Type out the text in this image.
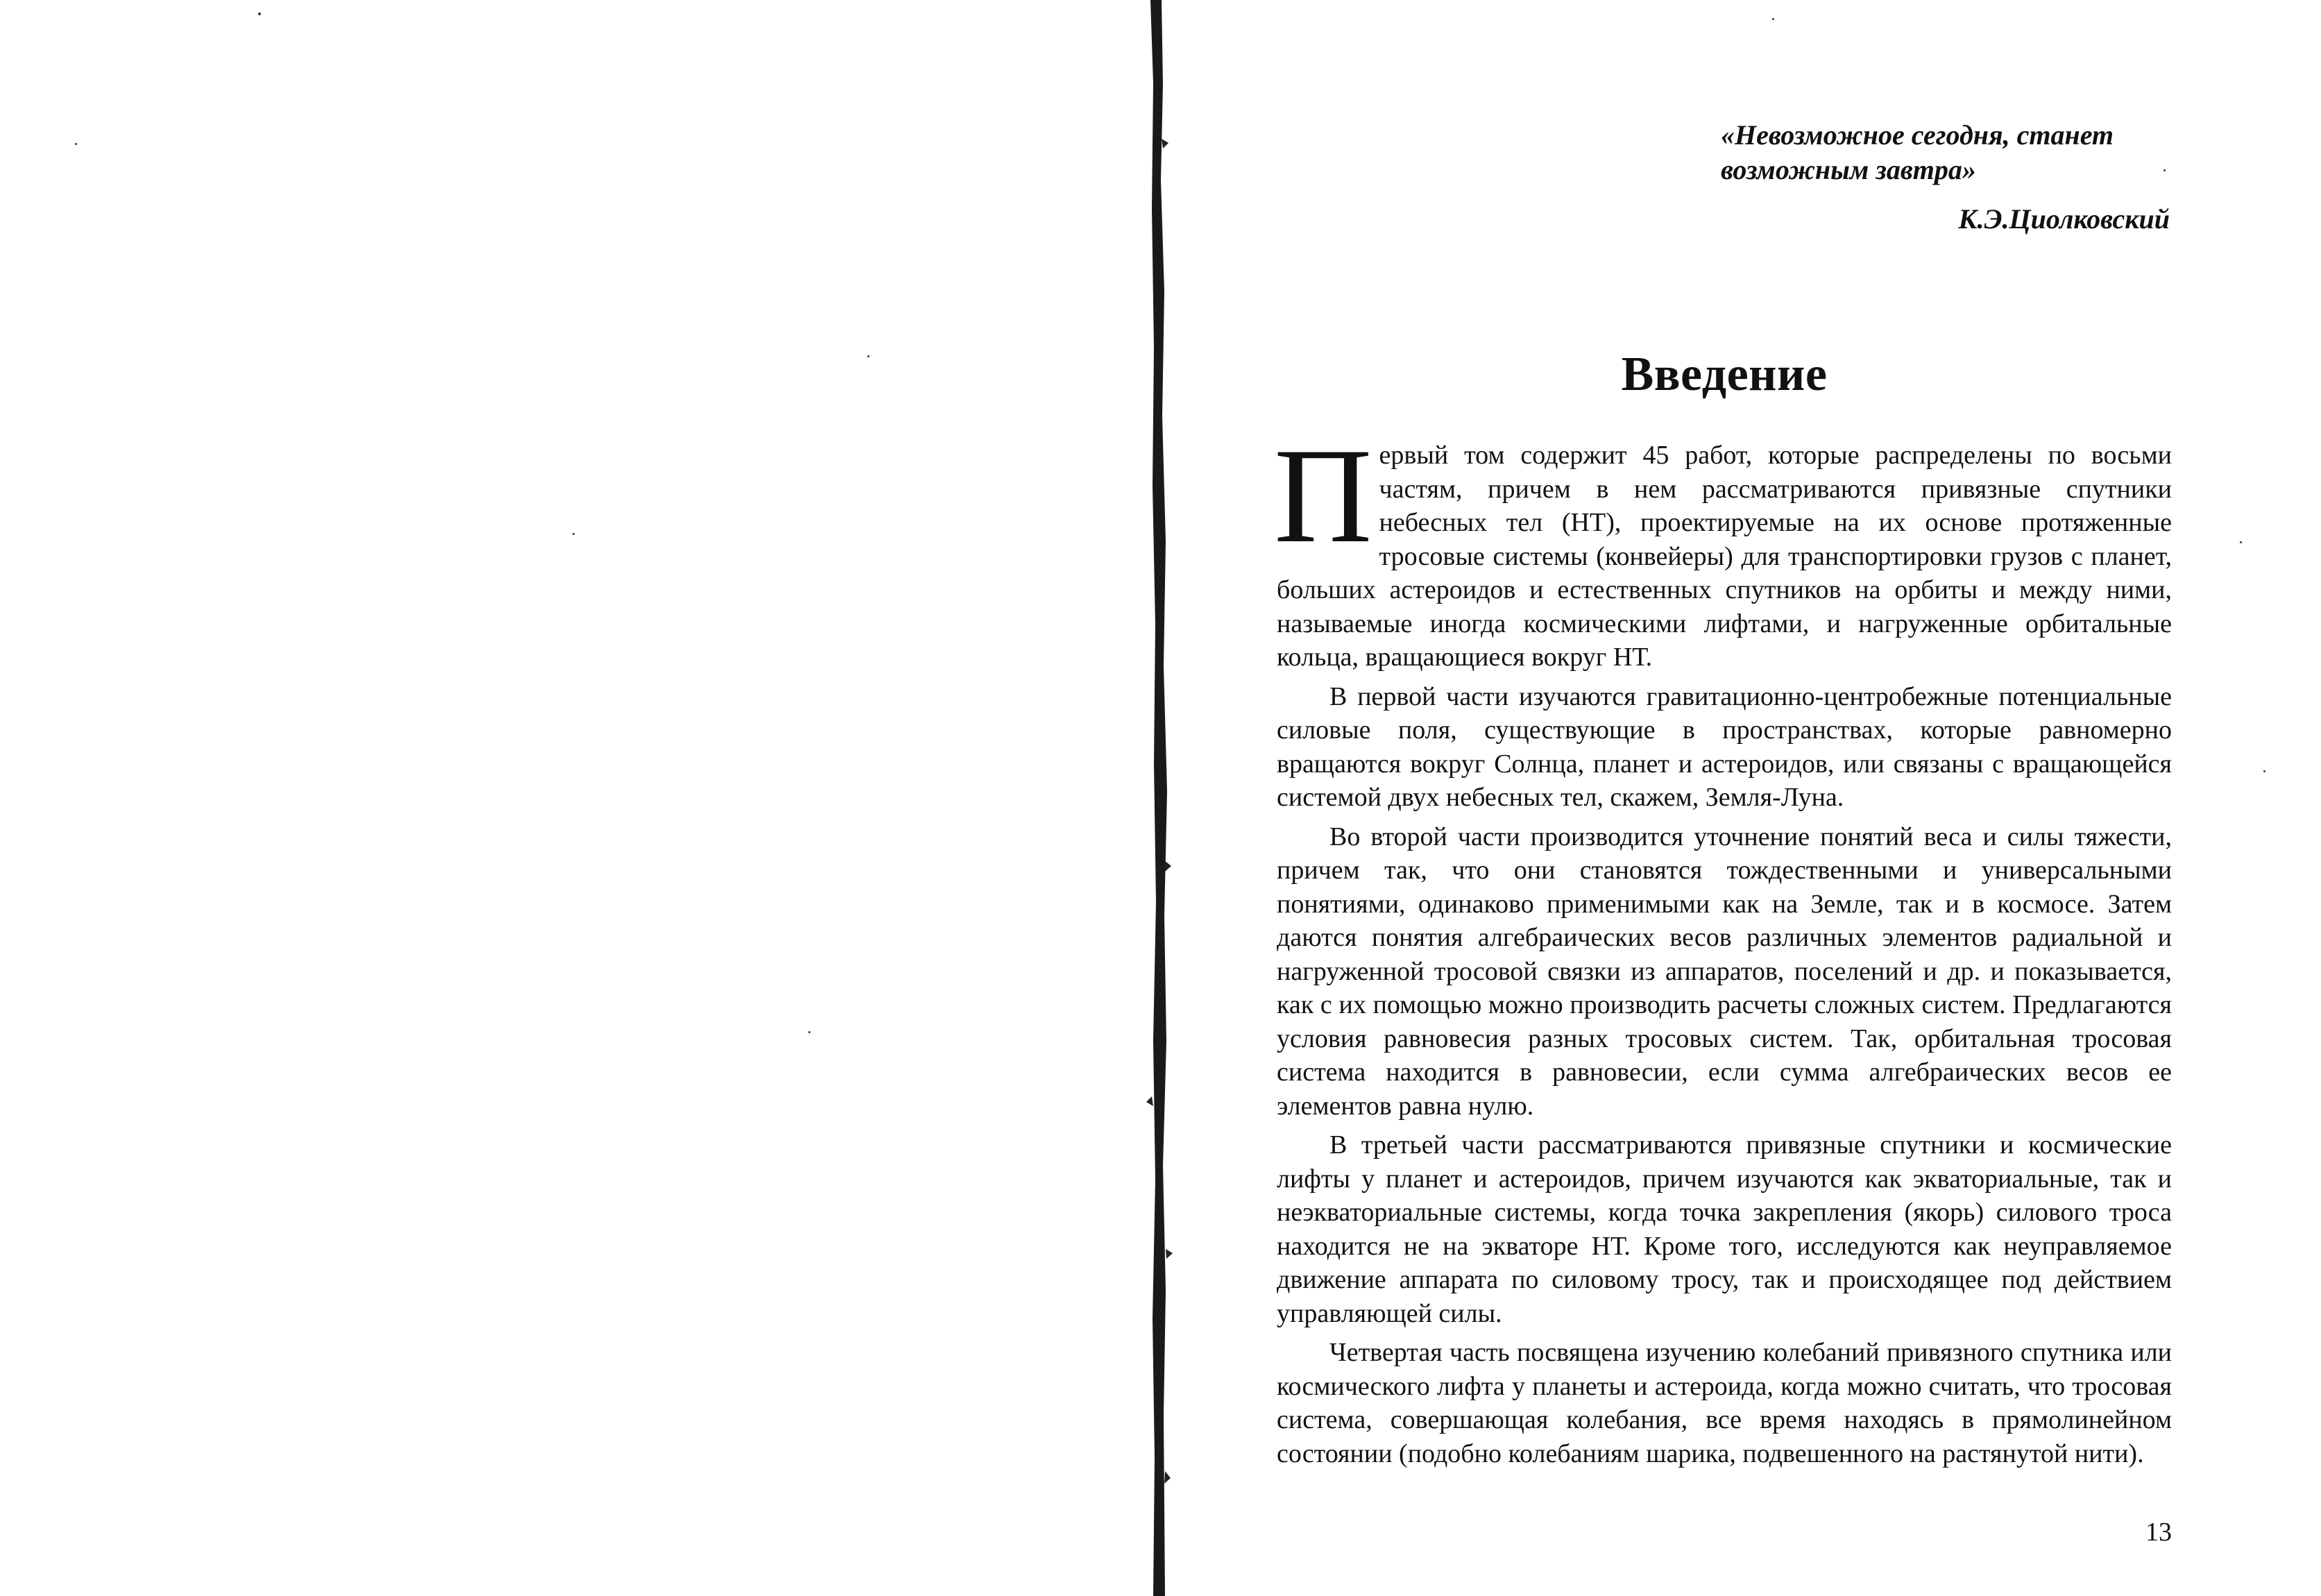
«Невозможное сегодня, станет возможным завтра»
К.Э.Циолковский
Введение

Первый том содержит 45 работ, которые распределены по восьми частям, причем в нем рассматриваются привязные спутники небесных тел (НТ), проектируемые на их основе протяженные тросовые системы (конвейеры) для транспортировки грузов с планет, больших астероидов и естественных спутников на орбиты и между ними, называемые иногда космическими лифтами, и нагруженные орбитальные кольца, вращающиеся вокруг НТ.

В первой части изучаются гравитационно-центробежные потенциальные силовые поля, существующие в пространствах, которые равномерно вращаются вокруг Солнца, планет и астероидов, или связаны с вращающейся системой двух небесных тел, скажем, Земля-Луна.

Во второй части производится уточнение понятий веса и силы тяжести, причем так, что они становятся тождественными и универсальными понятиями, одинаково применимыми как на Земле, так и в космосе. Затем даются понятия алгебраических весов различных элементов радиальной и нагруженной тросовой связки из аппаратов, поселений и др. и показывается, как с их помощью можно производить расчеты сложных систем. Предлагаются условия равновесия разных тросовых систем. Так, орбитальная тросовая система находится в равновесии, если сумма алгебраических весов ее элементов равна нулю.

В третьей части рассматриваются привязные спутники и космические лифты у планет и астероидов, причем изучаются как экваториальные, так и неэкваториальные системы, когда точка закрепления (якорь) силового троса находится не на экваторе НТ. Кроме того, исследуются как неуправляемое движение аппарата по силовому тросу, так и происходящее под действием управляющей силы.

Четвертая часть посвящена изучению колебаний привязного спутника или космического лифта у планеты и астероида, когда можно считать, что тросовая система, совершающая колебания, все время находясь в прямолинейном состоянии (подобно колебаниям шарика, подвешенного на растянутой нити).

13
